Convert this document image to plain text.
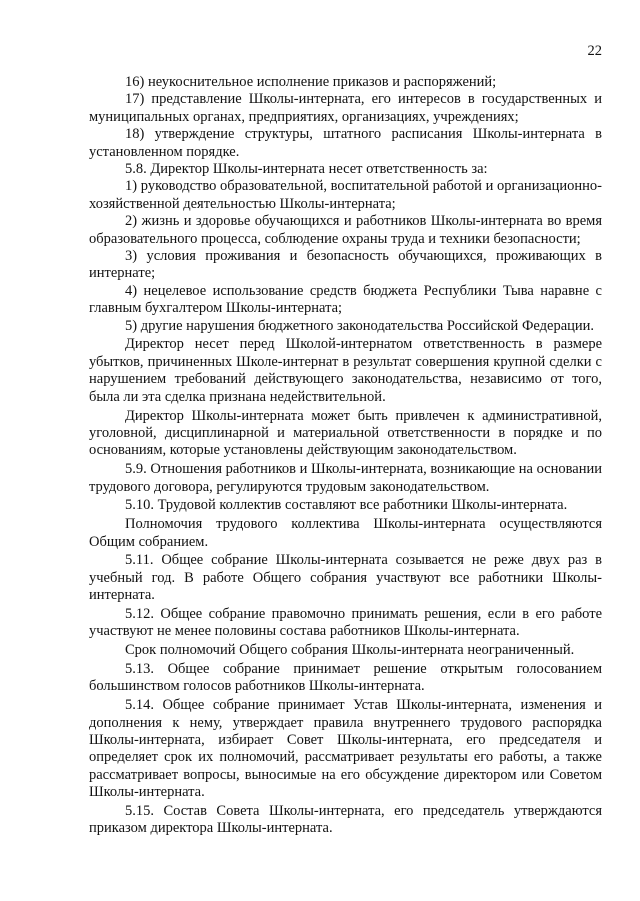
22

16) неукоснительное исполнение приказов и распоряжений;

17) представление Школы-интерната, его интересов в государственных и муниципальных органах, предприятиях, организациях, учреждениях;

18) утверждение структуры, штатного расписания Школы-интерната в установленном порядке.

5.8. Директор Школы-интерната несет ответственность за:

1) руководство образовательной, воспитательной работой и организационно-хозяйственной деятельностью Школы-интерната;

2) жизнь и здоровье обучающихся и работников Школы-интерната во время образовательного процесса, соблюдение охраны труда и техники безопасности;

3) условия проживания и безопасность обучающихся, проживающих в интернате;

4) нецелевое использование средств бюджета Республики Тыва наравне с главным бухгалтером Школы-интерната;

5) другие нарушения бюджетного законодательства Российской Федерации.

Директор несет перед Школой-интернатом ответственность в размере убытков, причиненных Школе-интернат в результат совершения крупной сделки с нарушением требований действующего законодательства, независимо от того, была ли эта сделка признана недействительной.

Директор Школы-интерната может быть привлечен к административной, уголовной, дисциплинарной и материальной ответственности в порядке и по основаниям, которые установлены действующим законодательством.

5.9. Отношения работников и Школы-интерната, возникающие на основании трудового договора, регулируются трудовым законодательством.

5.10. Трудовой коллектив составляют все работники Школы-интерната.

Полномочия трудового коллектива Школы-интерната осуществляются Общим собранием.

5.11. Общее собрание Школы-интерната созывается не реже двух раз в учебный год. В работе Общего собрания участвуют все работники Школы-интерната.

5.12. Общее собрание правомочно принимать решения, если в его работе участвуют не менее половины состава работников Школы-интерната.

Срок полномочий Общего собрания Школы-интерната неограниченный.

5.13. Общее собрание принимает решение открытым голосованием большинством голосов работников Школы-интерната.

5.14. Общее собрание принимает Устав Школы-интерната, изменения и дополнения к нему, утверждает правила внутреннего трудового распорядка Школы-интерната, избирает Совет Школы-интерната, его председателя и определяет срок их полномочий, рассматривает результаты его работы, а также рассматривает вопросы, выносимые на его обсуждение директором или Советом Школы-интерната.

5.15. Состав Совета Школы-интерната, его председатель утверждаются приказом директора Школы-интерната.
